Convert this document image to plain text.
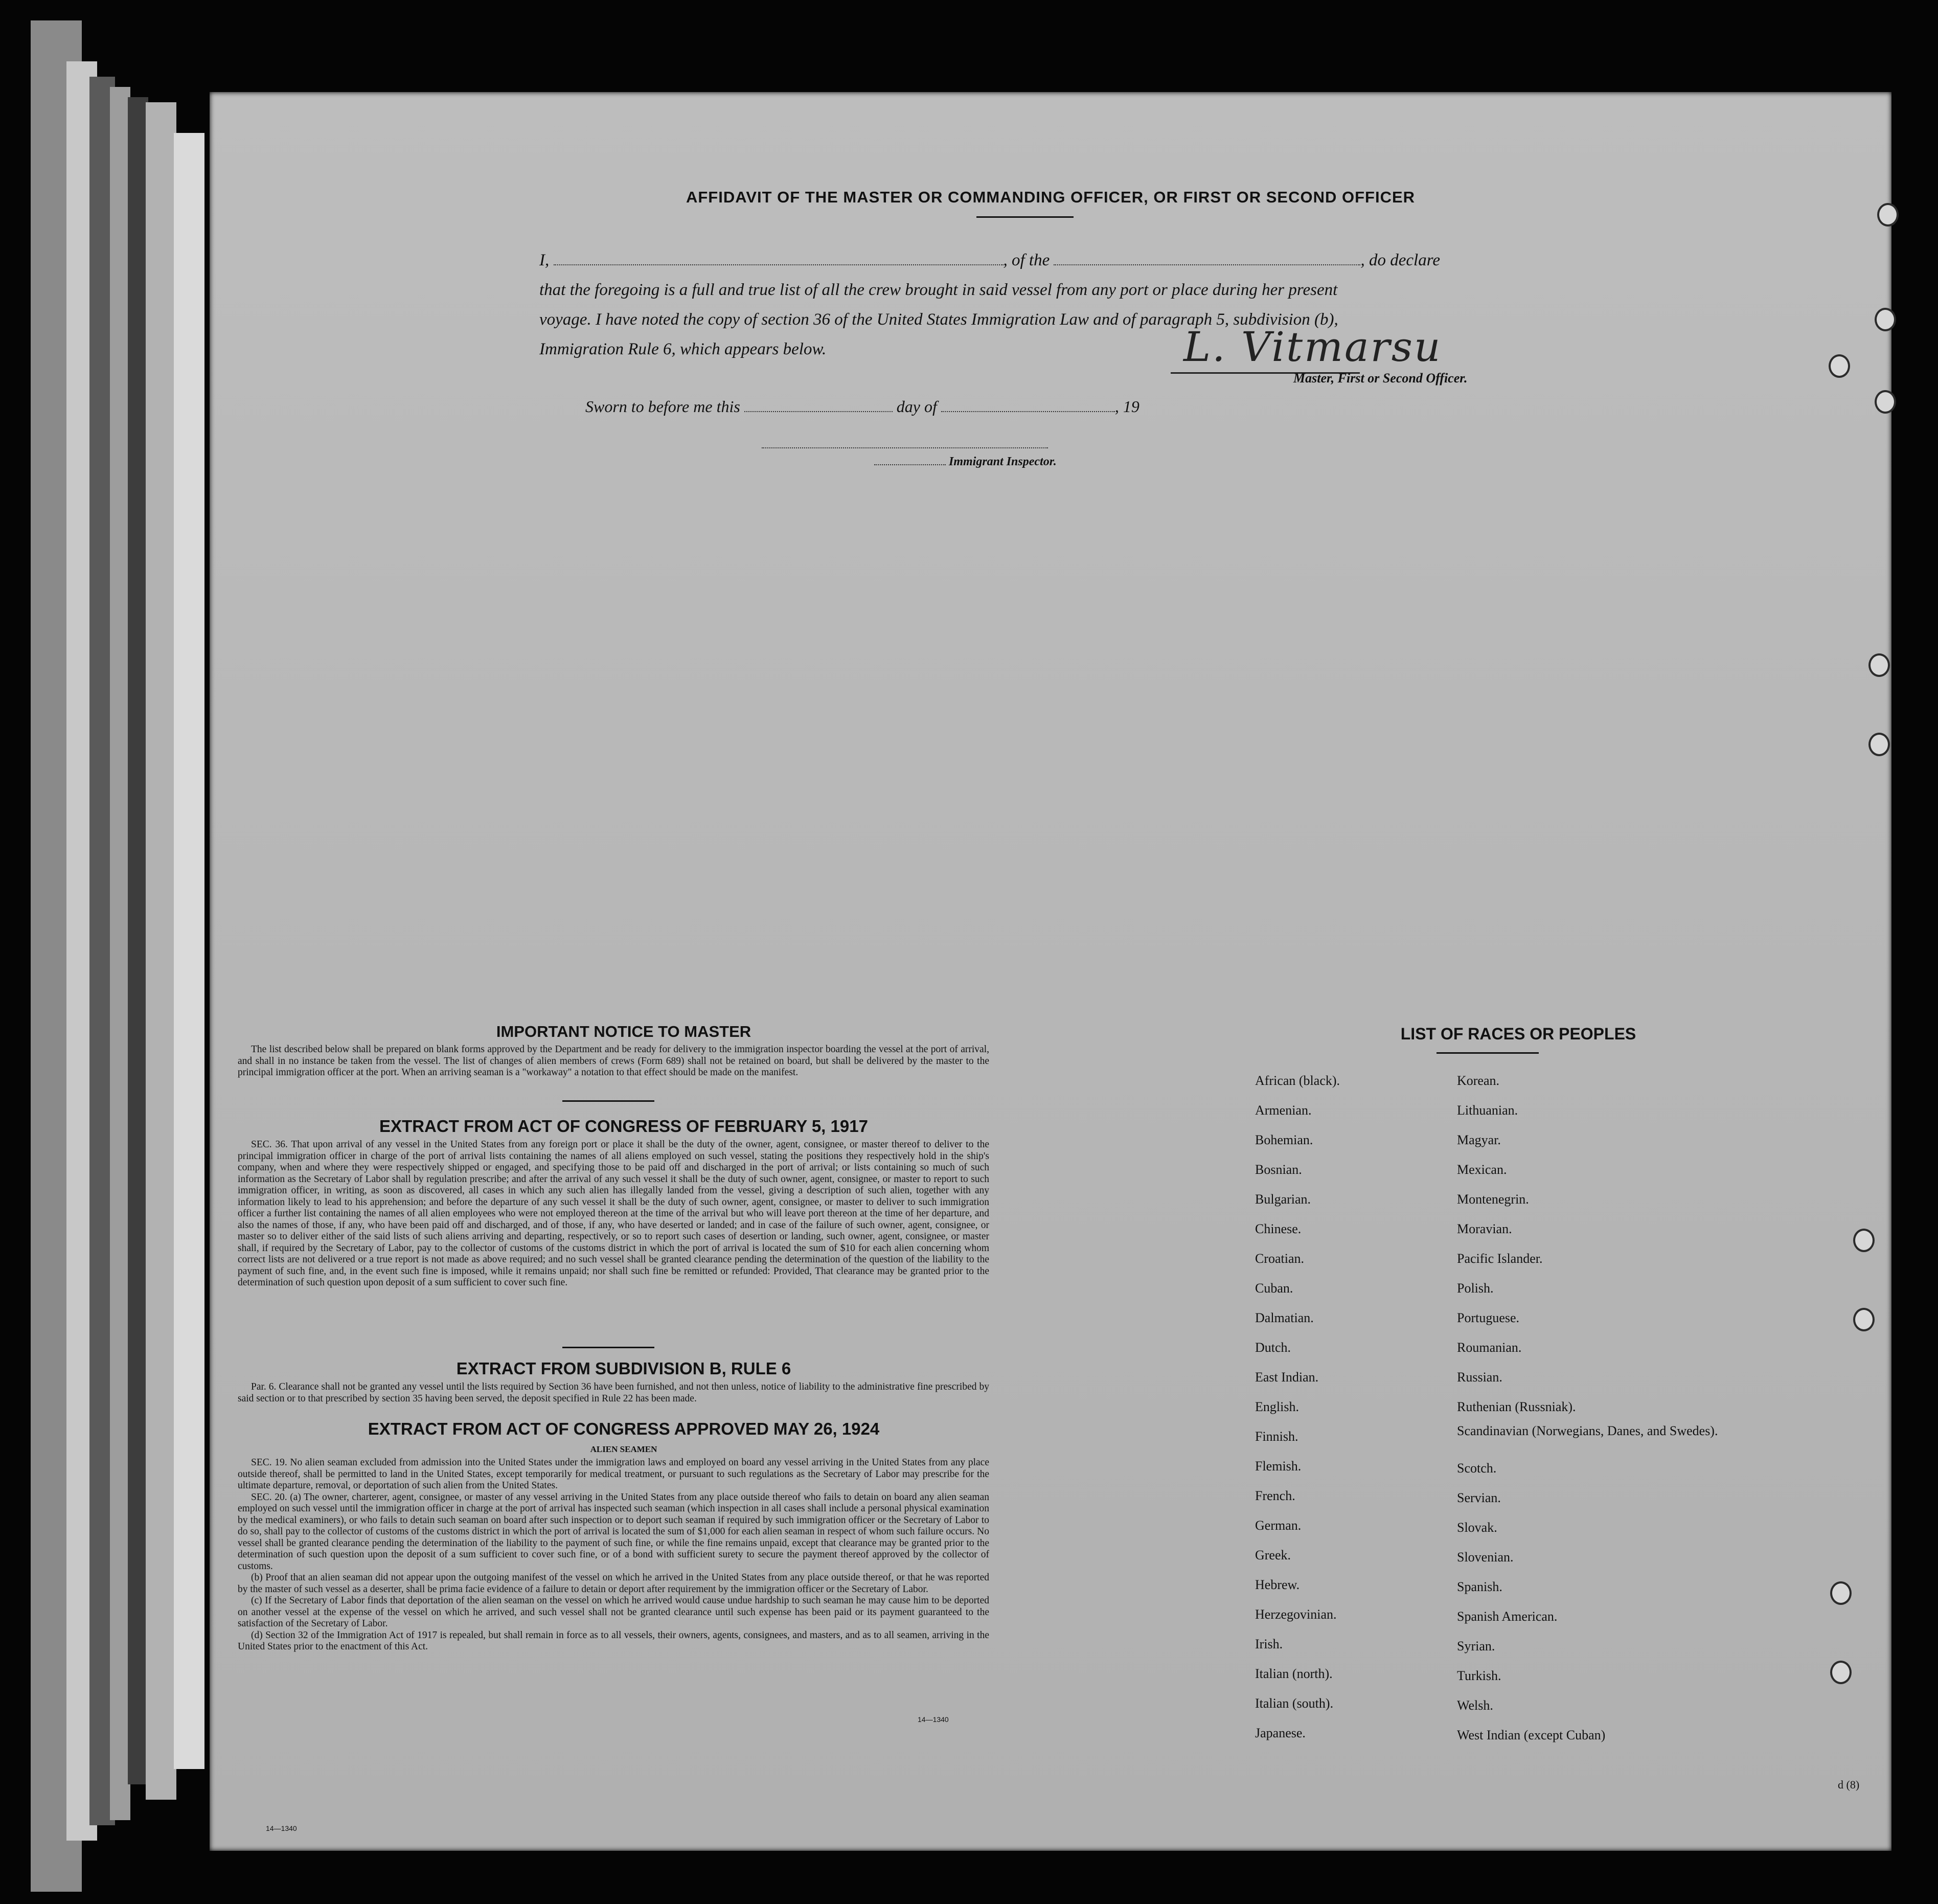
AFFIDAVIT OF THE MASTER OR COMMANDING OFFICER, OR FIRST OR SECOND OFFICER

I,	, of the	, do declare

that the foregoing is a full and true list of all the crew brought in said vessel from any port or place during her present

voyage. I have noted the copy of section 36 of the United States Immigration Law and of paragraph 5, subdivision (b),

Immigration Rule 6, which appears below.	L. Vitmarsu
Master, First or Second Officer.
Sworn to before me this	day of	, 19
Immigrant Inspector.
IMPORTANT NOTICE TO MASTER

The list described below shall be prepared on blank forms approved by the Department and be ready for delivery to the immigration inspector boarding the vessel at the port of arrival, and shall in no instance be taken from the vessel. The list of changes of alien members of crews (Form 689) shall not be retained on board, but shall be delivered by the master to the principal immigration officer at the port. When an arriving seaman is a "workaway" a notation to that effect should be made on the manifest.

EXTRACT FROM ACT OF CONGRESS OF FEBRUARY 5, 1917

SEC. 36. That upon arrival of any vessel in the United States from any foreign port or place it shall be the duty of the owner, agent, consignee, or master thereof to deliver to the principal immigration officer in charge of the port of arrival lists containing the names of all aliens employed on such vessel, stating the positions they respectively hold in the ship's company, when and where they were respectively shipped or engaged, and specifying those to be paid off and discharged in the port of arrival; or lists containing so much of such information as the Secretary of Labor shall by regulation prescribe; and after the arrival of any such vessel it shall be the duty of such owner, agent, consignee, or master to report to such immigration officer, in writing, as soon as discovered, all cases in which any such alien has illegally landed from the vessel, giving a description of such alien, together with any information likely to lead to his apprehension; and before the departure of any such vessel it shall be the duty of such owner, agent, consignee, or master to deliver to such immigration officer a further list containing the names of all alien employees who were not employed thereon at the time of the arrival but who will leave port thereon at the time of her departure, and also the names of those, if any, who have been paid off and discharged, and of those, if any, who have deserted or landed; and in case of the failure of such owner, agent, consignee, or master so to deliver either of the said lists of such aliens arriving and departing, respectively, or so to report such cases of desertion or landing, such owner, agent, consignee, or master shall, if required by the Secretary of Labor, pay to the collector of customs of the customs district in which the port of arrival is located the sum of $10 for each alien concerning whom correct lists are not delivered or a true report is not made as above required; and no such vessel shall be granted clearance pending the determination of the question of the liability to the payment of such fine, and, in the event such fine is imposed, while it remains unpaid; nor shall such fine be remitted or refunded: Provided, That clearance may be granted prior to the determination of such question upon deposit of a sum sufficient to cover such fine.

EXTRACT FROM SUBDIVISION B, RULE 6

Par. 6. Clearance shall not be granted any vessel until the lists required by Section 36 have been furnished, and not then unless, notice of liability to the administrative fine prescribed by said section or to that prescribed by section 35 having been served, the deposit specified in Rule 22 has been made.

EXTRACT FROM ACT OF CONGRESS APPROVED MAY 26, 1924
ALIEN SEAMEN

SEC. 19. No alien seaman excluded from admission into the United States under the immigration laws and employed on board any vessel arriving in the United States from any place outside thereof, shall be permitted to land in the United States, except temporarily for medical treatment, or pursuant to such regulations as the Secretary of Labor may prescribe for the ultimate departure, removal, or deportation of such alien from the United States.

SEC. 20. (a) The owner, charterer, agent, consignee, or master of any vessel arriving in the United States from any place outside thereof who fails to detain on board any alien seaman employed on such vessel until the immigration officer in charge at the port of arrival has inspected such seaman (which inspection in all cases shall include a personal physical examination by the medical examiners), or who fails to detain such seaman on board after such inspection or to deport such seaman if required by such immigration officer or the Secretary of Labor to do so, shall pay to the collector of customs of the customs district in which the port of arrival is located the sum of $1,000 for each alien seaman in respect of whom such failure occurs. No vessel shall be granted clearance pending the determination of the liability to the payment of such fine, or while the fine remains unpaid, except that clearance may be granted prior to the determination of such question upon the deposit of a sum sufficient to cover such fine, or of a bond with sufficient surety to secure the payment thereof approved by the collector of customs.

(b) Proof that an alien seaman did not appear upon the outgoing manifest of the vessel on which he arrived in the United States from any place outside thereof, or that he was reported by the master of such vessel as a deserter, shall be prima facie evidence of a failure to detain or deport after requirement by the immigration officer or the Secretary of Labor.

(c) If the Secretary of Labor finds that deportation of the alien seaman on the vessel on which he arrived would cause undue hardship to such seaman he may cause him to be deported on another vessel at the expense of the vessel on which he arrived, and such vessel shall not be granted clearance until such expense has been paid or its payment guaranteed to the satisfaction of the Secretary of Labor.

(d) Section 32 of the Immigration Act of 1917 is repealed, but shall remain in force as to all vessels, their owners, agents, consignees, and masters, and as to all seamen, arriving in the United States prior to the enactment of this Act.

14—1340
LIST OF RACES OR PEOPLES
African (black).
Armenian.
Bohemian.
Bosnian.
Bulgarian.
Chinese.
Croatian.
Cuban.
Dalmatian.
Dutch.
East Indian.
English.
Finnish.
Flemish.
French.
German.
Greek.
Hebrew.
Herzegovinian.
Irish.
Italian (north).
Italian (south).
Japanese.
Korean.
Lithuanian.
Magyar.
Mexican.
Montenegrin.
Moravian.
Pacific Islander.
Polish.
Portuguese.
Roumanian.
Russian.
Ruthenian (Russniak).
Scandinavian (Norwegians, Danes, and Swedes).
Scotch.
Servian.
Slovak.
Slovenian.
Spanish.
Spanish American.
Syrian.
Turkish.
Welsh.
West Indian (except Cuban)
14—1340
d (8)
